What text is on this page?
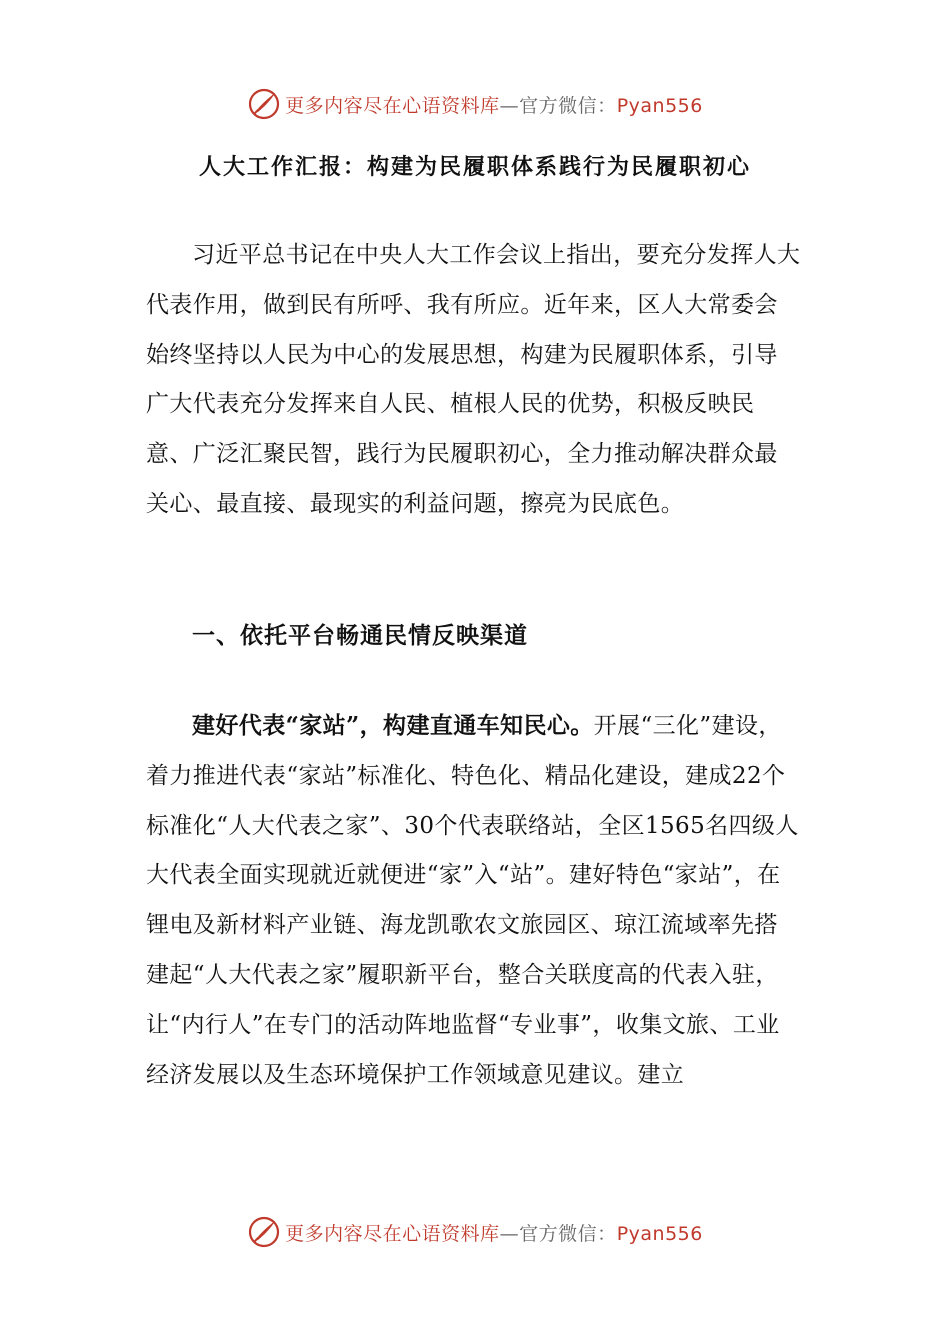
更多内容尽在心语资料库—官方微信：Pyan556
人大工作汇报：构建为民履职体系践行为民履职初心
习近平总书记在中央人大工作会议上指出，要充分发挥人大代表作用，做到民有所呼、我有所应。近年来，区人大常委会始终坚持以人民为中心的发展思想，构建为民履职体系，引导广大代表充分发挥来自人民、植根人民的优势，积极反映民意、广泛汇聚民智，践行为民履职初心，全力推动解决群众最关心、最直接、最现实的利益问题，擦亮为民底色。
一、依托平台畅通民情反映渠道
建好代表“家站”，构建直通车知民心。开展“三化”建设，着力推进代表“家站”标准化、特色化、精品化建设，建成22个标准化“人大代表之家”、30个代表联络站，全区1565名四级人大代表全面实现就近就便进“家”入“站”。建好特色“家站”，在锂电及新材料产业链、海龙凯歌农文旅园区、琼江流域率先搭建起“人大代表之家”履职新平台，整合关联度高的代表入驻，让“内行人”在专门的活动阵地监督“专业事”，收集文旅、工业经济发展以及生态环境保护工作领域意见建议。建立
更多内容尽在心语资料库—官方微信：Pyan556
